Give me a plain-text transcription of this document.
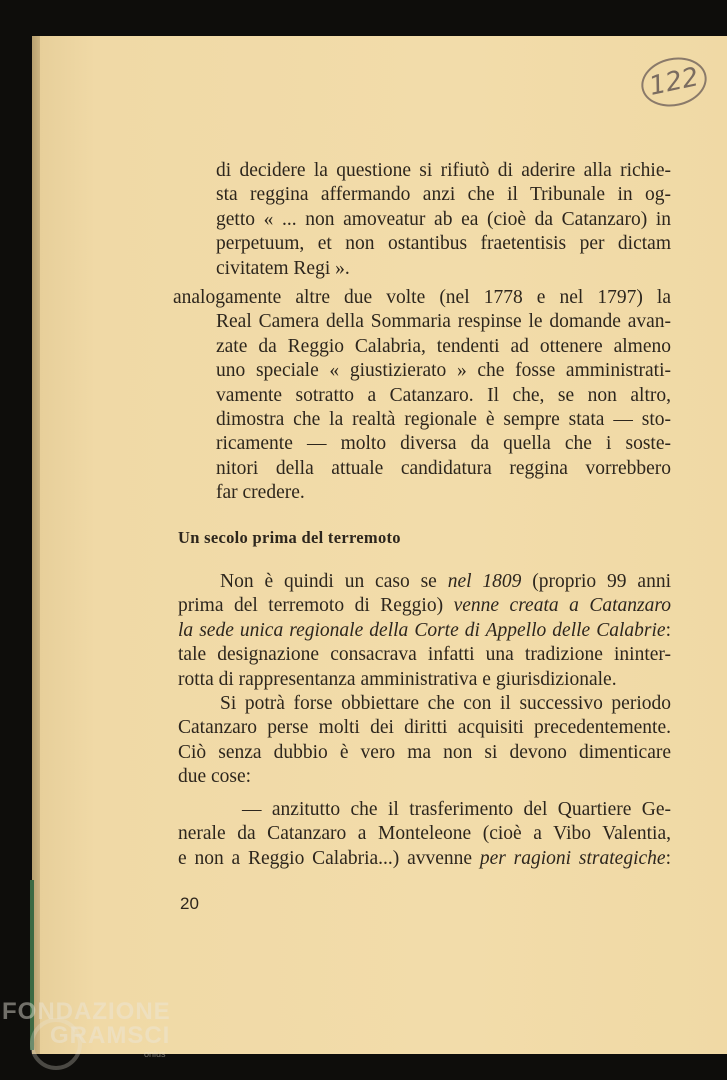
122
di decidere la questione si rifiutò di aderire alla richie-
sta reggina affermando anzi che il Tribunale in og-
getto « ... non amoveatur ab ea (cioè da Catanzaro) in
perpetuum, et non ostantibus fraetentisis per dictam
civitatem Regi ».
analogamente altre due volte (nel 1778 e nel 1797) la
Real Camera della Sommaria respinse le domande avan-
zate da Reggio Calabria, tendenti ad ottenere almeno
uno speciale « giustizierato » che fosse amministrati-
vamente sotratto a Catanzaro. Il che, se non altro,
dimostra che la realtà regionale è sempre stata — sto-
ricamente — molto diversa da quella che i soste-
nitori della attuale candidatura reggina vorrebbero
far credere.
Un secolo prima del terremoto
Non è quindi un caso se nel 1809 (proprio 99 anni
prima del terremoto di Reggio) venne creata a Catanzaro
la sede unica regionale della Corte di Appello delle Calabrie:
tale designazione consacrava infatti una tradizione ininter-
rotta di rappresentanza amministrativa e giurisdizionale.
Si potrà forse obbiettare che con il successivo periodo
Catanzaro perse molti dei diritti acquisiti precedentemente.
Ciò senza dubbio è vero ma non si devono dimenticare
due cose:
— anzitutto che il trasferimento del Quartiere Ge-
nerale da Catanzaro a Monteleone (cioè a Vibo Valentia,
e non a Reggio Calabria...) avvenne per ragioni strategiche:
20
FONDAZIONE
GRAMSCI
onlus
